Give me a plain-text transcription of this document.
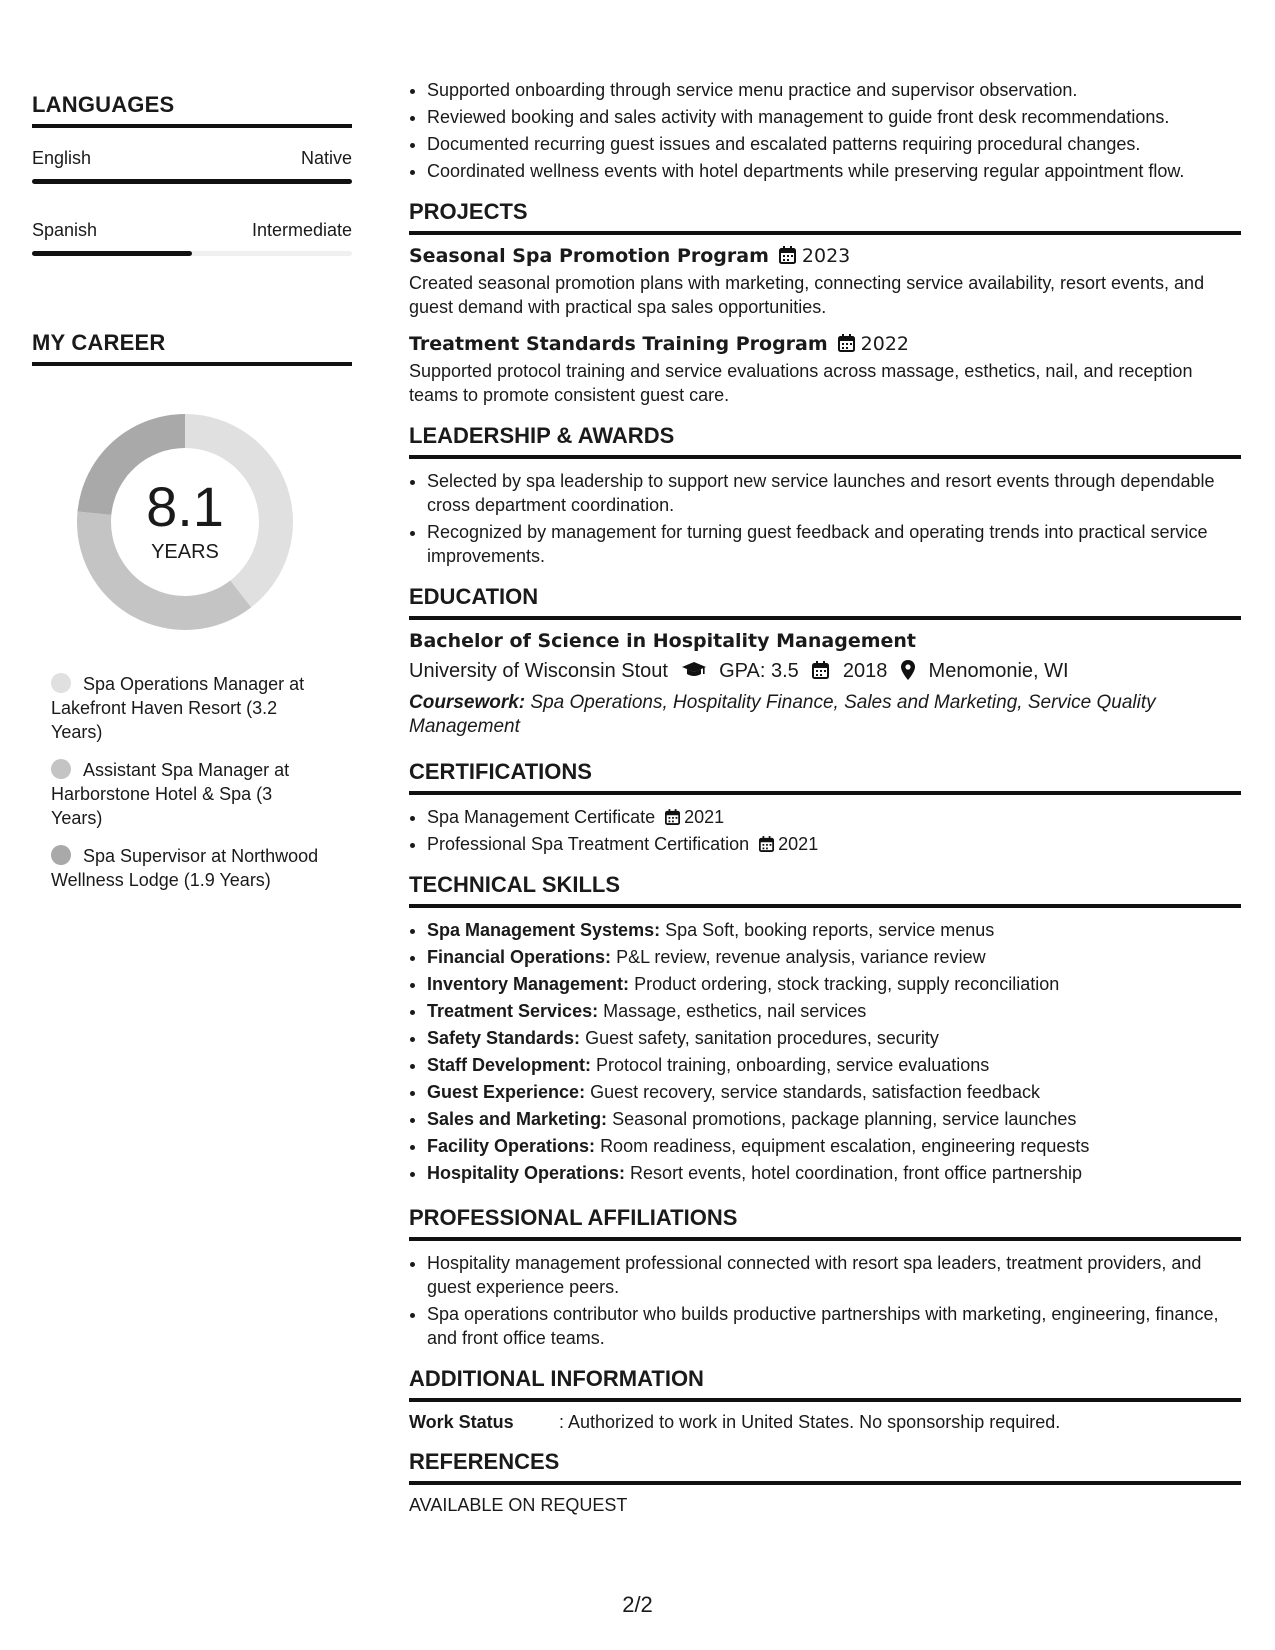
LANGUAGES
English	Native
Spanish	Intermediate
MY CAREER
8.1
YEARS
Spa Operations Manager at Lakefront Haven Resort (3.2 Years)
Assistant Spa Manager at Harborstone Hotel & Spa (3 Years)
Spa Supervisor at Northwood Wellness Lodge (1.9 Years)
• Supported onboarding through service menu practice and supervisor observation.
• Reviewed booking and sales activity with management to guide front desk recommendations.
• Documented recurring guest issues and escalated patterns requiring procedural changes.
• Coordinated wellness events with hotel departments while preserving regular appointment flow.
PROJECTS
Seasonal Spa Promotion Program 2023
Created seasonal promotion plans with marketing, connecting service availability, resort events, and guest demand with practical spa sales opportunities.
Treatment Standards Training Program 2022
Supported protocol training and service evaluations across massage, esthetics, nail, and reception teams to promote consistent guest care.
LEADERSHIP & AWARDS
• Selected by spa leadership to support new service launches and resort events through dependable cross department coordination.
• Recognized by management for turning guest feedback and operating trends into practical service improvements.
EDUCATION
Bachelor of Science in Hospitality Management
University of Wisconsin Stout	GPA: 3.5 2018 Menomonie, WI
Coursework: Spa Operations, Hospitality Finance, Sales and Marketing, Service Quality Management
CERTIFICATIONS
• Spa Management Certificate 2021
• Professional Spa Treatment Certification 2021
TECHNICAL SKILLS
• Spa Management Systems: Spa Soft, booking reports, service menus
• Financial Operations: P&L review, revenue analysis, variance review
• Inventory Management: Product ordering, stock tracking, supply reconciliation
• Treatment Services: Massage, esthetics, nail services
• Safety Standards: Guest safety, sanitation procedures, security
• Staff Development: Protocol training, onboarding, service evaluations
• Guest Experience: Guest recovery, service standards, satisfaction feedback
• Sales and Marketing: Seasonal promotions, package planning, service launches
• Facility Operations: Room readiness, equipment escalation, engineering requests
• Hospitality Operations: Resort events, hotel coordination, front office partnership
PROFESSIONAL AFFILIATIONS
• Hospitality management professional connected with resort spa leaders, treatment providers, and guest experience peers.
• Spa operations contributor who builds productive partnerships with marketing, engineering, finance, and front office teams.
ADDITIONAL INFORMATION
Work Status	: Authorized to work in United States. No sponsorship required.
REFERENCES
AVAILABLE ON REQUEST
2/2
